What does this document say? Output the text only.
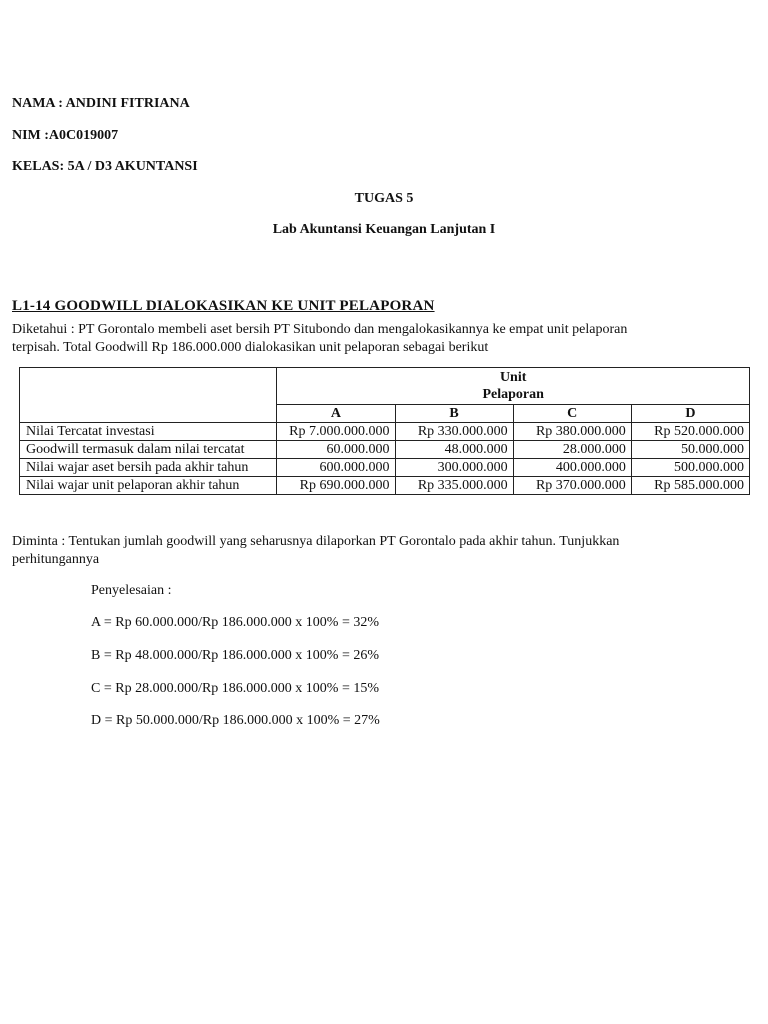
NAMA : ANDINI FITRIANA
NIM :A0C019007
KELAS: 5A / D3 AKUNTANSI
TUGAS 5
Lab Akuntansi Keuangan Lanjutan I
L1-14 GOODWILL DIALOKASIKAN KE UNIT PELAPORAN
Diketahui : PT Gorontalo membeli aset bersih PT Situbondo dan mengalokasikannya ke empat unit pelaporan
terpisah. Total Goodwill Rp 186.000.000 dialokasikan unit pelaporan sebagai berikut

	Unit
Pelaporan			

	A	B	C	D
Nilai Tercatat investasi	Rp 7.000.000.000	Rp 330.000.000	Rp 380.000.000	Rp 520.000.000
Goodwill termasuk dalam nilai tercatat	60.000.000	48.000.000	28.000.000	50.000.000
Nilai wajar aset bersih pada akhir tahun	600.000.000	300.000.000	400.000.000	500.000.000
Nilai wajar unit pelaporan akhir tahun	Rp 690.000.000	Rp 335.000.000	Rp 370.000.000	Rp 585.000.000
Diminta : Tentukan jumlah goodwill yang seharusnya dilaporkan PT Gorontalo pada akhir tahun. Tunjukkan
perhitungannya
Penyelesaian :
A = Rp 60.000.000/Rp 186.000.000 x 100% = 32%
B = Rp 48.000.000/Rp 186.000.000 x 100% = 26%
C = Rp 28.000.000/Rp 186.000.000 x 100% = 15%
D = Rp 50.000.000/Rp 186.000.000 x 100% = 27%
